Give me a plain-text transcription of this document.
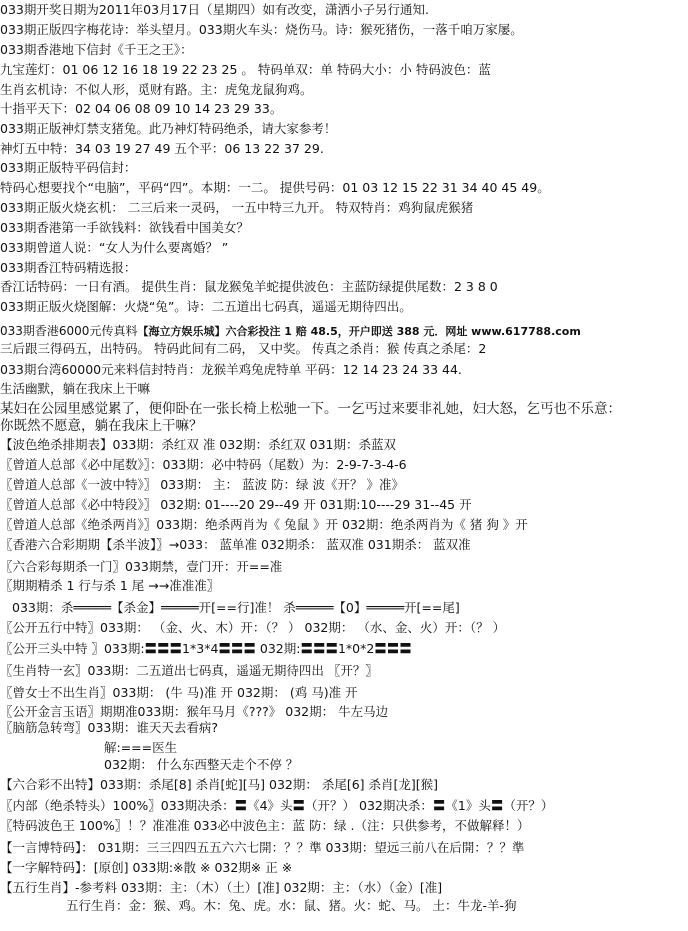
033期开奖日期为2011年03月17日（星期四）如有改变，潇洒小子另行通知.
033期正版四字梅花诗：举头望月。033期火车头：烧伤马。诗：猴死猪伤，一落千咱万家屡。
033期香港地下信封《千王之王》：
九宝莲灯：01 06 12 16 18 19 22 23 25 。 特码单双：单 特码大小：小 特码波色：蓝
生肖玄机诗：不似人形，觅财有路。主：虎兔龙鼠狗鸡。
十指平天下：02 04 06 08 09 10 14 23 29 33。
033期正版神灯禁支猪兔。此乃神灯特码绝杀，请大家参考！
神灯五中特：34 03 19 27 49 五个平：06 13 22 37 29.
033期正版特平码信封：
特码心想要找个“电脑”，平码“四”。本期：一二。 提供号码：01 03 12 15 22 31 34 40 45 49。
033期正版火烧玄机： 二三后来一灵码， 一五中特三九开。 特双特肖：鸡狗鼠虎猴猪
033期香港第一手欲钱料：欲钱看中国美女？
033期曾道人说：“女人为什么要离婚？ ”
033期香江特码精选报：
香江话特码：一日有酒。 提供生肖：鼠龙猴兔羊蛇提供波色：主蓝防绿提供尾数：2 3 8 0
033期正版火烧图解：火烧“兔”。诗：二五道出七码真，遥遥无期待四出。
三后跟三得码五，出特码。 特码此间有二码， 又中奖。 传真之杀肖：猴 传真之杀尾：2
033期台湾60000元来料信封特肖：龙猴羊鸡兔虎特单 平码：12 14 23 24 33 44.
生活幽默，躺在我床上干嘛
某妇在公园里感觉累了，便仰卧在一张长椅上松驰一下。一乞丐过来要非礼她，妇大怒，乞丐也不乐意：
你既然不愿意，躺在我床上干嘛？
【波色绝杀排期表】033期：杀红双 准 032期：杀红双 031期：杀蓝双
〖曾道人总部《必中尾数》〗：033期：必中特码（尾数）为：2-9-7-3-4-6
〖曾道人总部《一波中特》〗 033期： 主： 蓝波 防：绿 波《开？ 》准》
〖曾道人总部《必中特段》〗 032期: 01----20 29--49 开 031期:10----29 31--45 开
〖曾道人总部《绝杀两肖》〗033期：绝杀两肖为《 兔鼠 》开 032期：绝杀两肖为《 猪 狗 》开
〖香港六合彩期期【杀半波】〗→033： 蓝单准 032期杀： 蓝双准 031期杀： 蓝双准
〖六合彩每期杀一门〗033期禁，壹门开：开==准
〖期期精杀 1 行与杀 1 尾 →→准准准〗
033期：杀═════【杀金】═════开[==行]准！ 杀═════【0】═════开[==尾]
〖公开五行中特〗033期： （金、火、木）开：（？ ） 032期： （水、金、火）开：（？ ）
〖公开三头中特 〗033期:〓〓〓1*3*4〓〓〓 032期:〓〓〓1*0*2〓〓〓
〖生肖特一玄〗033期：二五道出七码真，遥遥无期待四出 〖开？〗
〖曾女士不出生肖〗033期： (牛 马)准 开 032期： (鸡 马)准 开
〖公开金言玉语〗期期准033期：猴年马月《???》 032期： 牛左马边
〖脑筋急转弯〗033期：谁天天去看病?
解:===医生
032期： 什么东西整天走个不停 ？
【六合彩不出特】033期：杀尾[8] 杀肖[蛇][马] 032期： 杀尾[6] 杀肖[龙][猴]
〖内部（绝杀特头）100%〗033期决杀：〓《4》头〓（开？） 032期决杀：〓《1》头〓（开？）
〖特码波色王 100%〗！？准准准 033必中波色主：蓝 防：绿 .（注：只供参考，不做解释！）
【一言博特码】： 031期：三三四四五五六六七開：？？準 033期：望远三前八在后開：？？準
【一字解特码】：[原创] 033期:※散 ※ 032期※ 正 ※
【五行生肖】-参考料 033期：主：（木）（土）[准] 032期：主：（水）（金）[准]
五行生肖：金：猴、鸡。木：兔、虎。水：鼠、猪。火：蛇、马。 土：牛龙-羊-狗
033期香港6000元传真料【海立方娱乐城】六合彩投注 1 赔 48.5，开户即送 388 元．网址 www.617788.com
